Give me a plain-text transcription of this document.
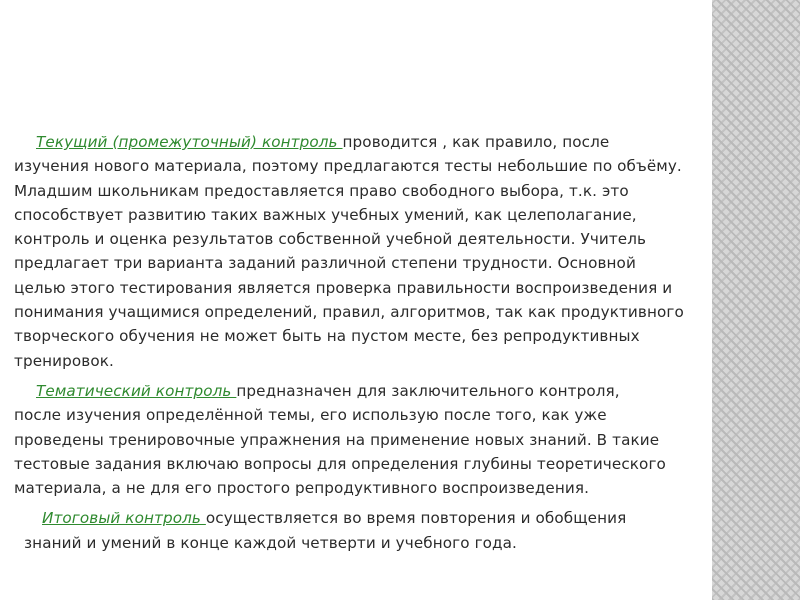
Текущий (промежуточный) контроль проводится , как правило, после
изучения нового материала, поэтому предлагаются тесты небольшие по объёму.
Младшим школьникам предоставляется право свободного выбора, т.к. это
способствует развитию таких важных учебных умений, как целеполагание,
контроль и оценка результатов собственной учебной деятельности. Учитель
предлагает три варианта заданий различной степени трудности. Основной
целью этого тестирования является проверка правильности воспроизведения и
понимания учащимися определений, правил, алгоритмов, так как продуктивного
творческого обучения не может быть на пустом месте, без репродуктивных
тренировок.

Тематический контроль предназначен для заключительного контроля,
после изучения определённой темы, его использую после того, как уже
проведены тренировочные упражнения на применение новых знаний. В такие
тестовые задания включаю вопросы для определения глубины теоретического
материала, а не для его простого репродуктивного воспроизведения.

Итоговый контроль осуществляется во время повторения и обобщения
знаний и умений в конце каждой четверти и учебного года.
